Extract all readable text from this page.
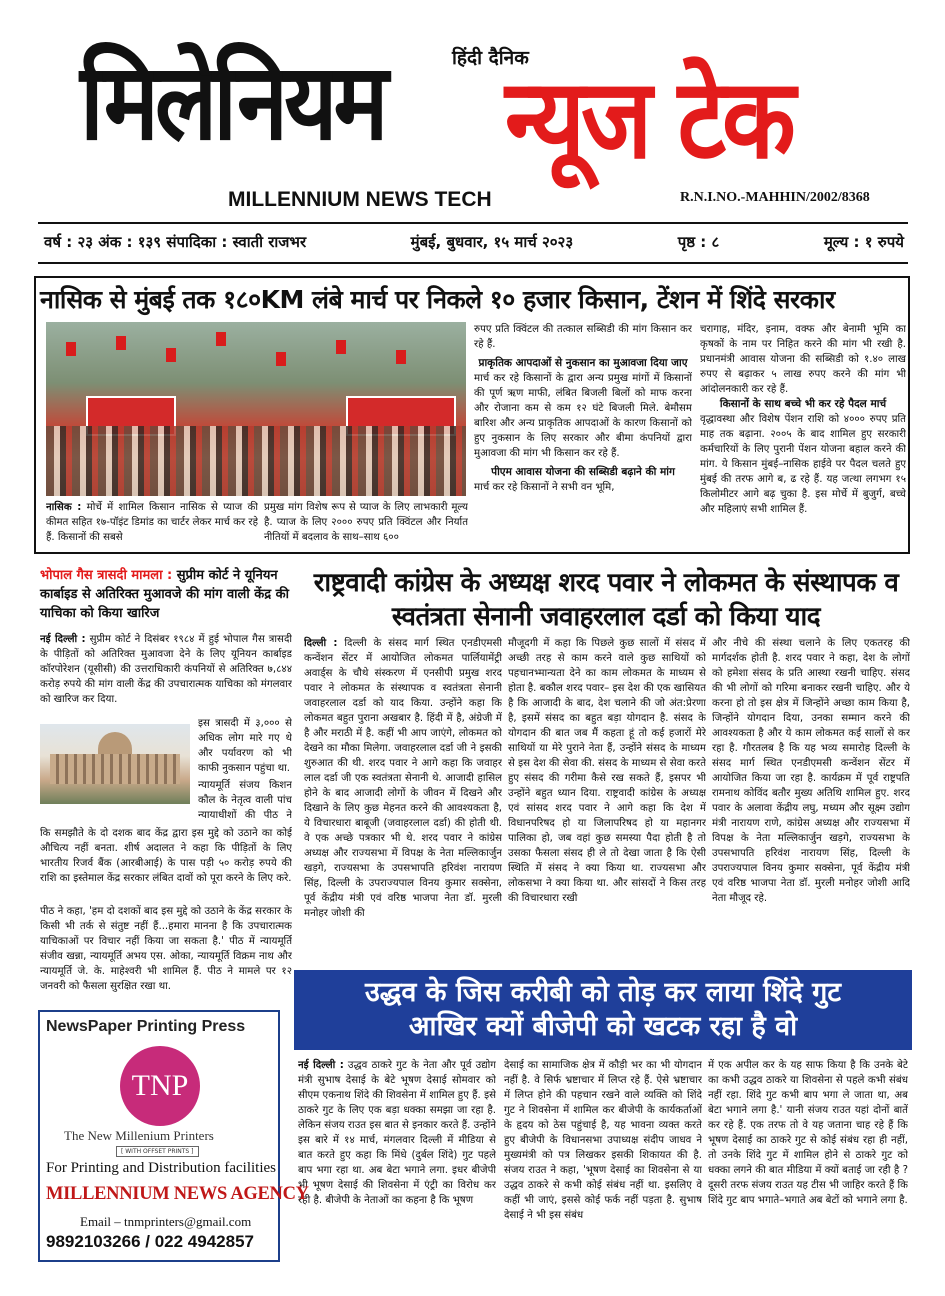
हिंदी दैनिक
मिलेनियम न्यूज टेक
MILLENNIUM NEWS TECH	R.N.I.NO.-MAHHIN/2002/8368
वर्ष : २३ अंक : १३९ संपादिका : स्वाती राजभर	मुंबई, बुधवार, १५ मार्च २०२३	पृष्ठ : ८	मूल्य : १ रुपये
नासिक से मुंबई तक १८०KM लंबे मार्च पर निकले १० हजार किसान, टेंशन में शिंदे सरकार
नासिक : मोर्चे में शामिल किसान नासिक से प्याज की कीमत सहित १७-पॉइंट डिमांड का चार्टर लेकर मार्च कर रहे हैं. किसानों की सबसे
प्रमुख मांग विशेष रूप से प्याज के लिए लाभकारी मूल्य है. प्याज के लिए २००० रुपए प्रति क्विंटल और निर्यात नीतियों में बदलाव के साथ–साथ ६००
रुपए प्रति क्विंटल की तत्काल सब्सिडी की मांग किसान कर रहे हैं.
प्राकृतिक आपदाओं से नुकसान का मुआवजा दिया जाए
मार्च कर रहे किसानों के द्वारा अन्य प्रमुख मांगों में किसानों की पूर्ण ऋण माफी, लंबित बिजली बिलों को माफ करना और रोजाना कम से कम १२ घंटे बिजली मिले. बेमौसम बारिश और अन्य प्राकृतिक आपदाओं के कारण किसानों को हुए नुकसान के लिए सरकार और बीमा कंपनियों द्वारा मुआवजा की मांग भी किसान कर रहे हैं.
पीएम आवास योजना की सब्सिडी बढ़ाने की मांग
मार्च कर रहे किसानों ने सभी वन भूमि,
चरागाह, मंदिर, इनाम, वक्फ और बेनामी भूमि का कृषकों के नाम पर निहित करने की मांग भी रखी है. प्रधानमंत्री आवास योजना की सब्सिडी को १.४० लाख रुपए से बढ़ाकर ५ लाख रुपए करने की मांग भी आंदोलनकारी कर रहे हैं.
किसानों के साथ बच्चे भी कर रहे पैदल मार्च
वृद्धावस्था और विशेष पेंशन राशि को ४००० रुपए प्रति माह तक बढ़ाना. २००५ के बाद शामिल हुए सरकारी कर्मचारियों के लिए पुरानी पेंशन योजना बहाल करने की मांग. ये किसान मुंबई–नासिक हाईवे पर पैदल चलते हुए मुंबई की तरफ आगे ब, ढ रहे हैं. यह जत्था लगभग १५ किलोमीटर आगे बढ़ चुका है. इस मोर्चे में बुजुर्ग, बच्चे और महिलाएं सभी शामिल हैं.
भोपाल गैस त्रासदी मामला : सुप्रीम कोर्ट ने यूनियन कार्बाइड से अतिरिक्त मुआवजे की मांग वाली केंद्र की याचिका को किया खारिज
नई दिल्ली : सुप्रीम कोर्ट ने दिसंबर १९८४ में हुई भोपाल गैस त्रासदी के पीड़ितों को अतिरिक्त मुआवजा देने के लिए यूनियन कार्बाइड कॉरपोरेशन (यूसीसी) की उत्तराधिकारी कंपनियों से अतिरिक्त ७,८४४ करोड़ रुपये की मांग वाली केंद्र की उपचारात्मक याचिका को मंगलवार को खारिज कर दिया.
इस त्रासदी में ३,००० से अधिक लोग मारे गए थे और पर्यावरण को भी काफी नुकसान पहुंचा था.
न्यायमूर्ति संजय किशन कौल के नेतृत्व वाली पांच न्यायाधीशों की पीठ ने
कि समझौते के दो दशक बाद केंद्र द्वारा इस मुद्दे को उठाने का कोई औचित्य नहीं बनता. शीर्ष अदालत ने कहा कि पीड़ितों के लिए भारतीय रिजर्व बैंक (आरबीआई) के पास पड़ी ५० करोड़ रुपये की राशि का इस्तेमाल केंद्र सरकार लंबित दावों को पूरा करने के लिए करे.
पीठ ने कहा, 'हम दो दशकों बाद इस मुद्दे को उठाने के केंद्र सरकार के किसी भी तर्क से संतुष्ट नहीं हैं...हमारा मानना है कि उपचारात्मक याचिकाओं पर विचार नहीं किया जा सकता है.' पीठ में न्यायमूर्ति संजीव खन्ना, न्यायमूर्ति अभय एस. ओका, न्यायमूर्ति विक्रम नाथ और न्यायमूर्ति जे. के. माहेश्वरी भी शामिल हैं. पीठ ने मामले पर १२ जनवरी को फैसला सुरक्षित रखा था.
राष्ट्रवादी कांग्रेस के अध्यक्ष शरद पवार ने लोकमत के संस्थापक व स्वतंत्रता सेनानी जवाहरलाल दर्डा को किया याद
दिल्ली : दिल्ली के संसद मार्ग स्थित एनडीएमसी कन्वेंशन सेंटर में आयोजित लोकमत पार्लियामेंट्री अवार्ड्स के चौथे संस्करण में एनसीपी प्रमुख शरद पवार ने लोकमत के संस्थापक व स्वतंत्रता सेनानी जवाहरलाल दर्डा को याद किया. उन्होंने कहा कि लोकमत बहुत पुराना अखबार है. हिंदी में है, अंग्रेजी में है और मराठी में है. कहीं भी आप जाएंगे, लोकमत को देखने का मौका मिलेगा. जवाहरलाल दर्डा जी ने इसकी शुरुआत की थी. शरद पवार ने आगे कहा कि जवाहर लाल दर्डा जी एक स्वतंत्रता सेनानी थे. आजादी हासिल होने के बाद आजादी लोगों के जीवन में दिखने और दिखाने के लिए कुछ मेहनत करने की आवश्यकता है, ये विचारधारा बाबूजी (जवाहरलाल दर्डा) की होती थी. वे एक अच्छे पत्रकार भी थे. शरद पवार ने कांग्रेस अध्यक्ष और राज्यसभा में विपक्ष के नेता मल्लिकार्जुन खड़गे, राज्यसभा के उपसभापति हरिवंश नारायण सिंह, दिल्ली के उपराज्यपाल विनय कुमार सक्सेना, पूर्व केंद्रीय मंत्री एवं वरिष्ठ भाजपा नेता डॉ. मुरली मनोहर जोशी की
मौजूदगी में कहा कि पिछले कुछ सालों में संसद में अच्छी तरह से काम करने वाले कुछ साथियों को पहचानभ्मान्यता देने का काम लोकमत के माध्यम से होता है. बकौल शरद पवार– इस देश की एक खासियत है कि आजादी के बाद, देश चलाने की जो अंत:प्रेरणा है, इसमें संसद का बहुत बड़ा योगदान है. संसद के योगदान की बात जब मैं कहता हूं तो कई हजारों मेरे साथियों या मेरे पुराने नेता हैं, उन्होंने संसद के माध्यम से इस देश की सेवा की. संसद के माध्यम से सेवा करते हुए संसद की गरीमा कैसे रख सकते हैं, इसपर भी उन्होंने बहुत ध्यान दिया. राष्ट्रवादी कांग्रेस के अध्यक्ष एवं सांसद शरद पवार ने आगे कहा कि देश में विधानपरिषद हो या जिलापरिषद हो या महानगर पालिका हो, जब वहां कुछ समस्या पैदा होती है तो उसका फैसला संसद ही ले तो देखा जाता है कि ऐसी स्थिति में संसद ने क्या किया था. राज्यसभा और लोकसभा ने क्या किया था. और सांसदों ने किस तरह की विचारधारा रखी
और नीचे की संस्था चलाने के लिए एकतरह की मार्गदर्शक होती है. शरद पवार ने कहा, देश के लोगों को हमेशा संसद के प्रति आस्था रखनी चाहिए. संसद की भी लोगों को गरिमा बनाकर रखनी चाहिए. और ये करना हो तो इस क्षेत्र में जिन्होंने अच्छा काम किया है, जिन्होंने योगदान दिया, उनका सम्मान करने की आवश्यकता है और ये काम लोकमत कई सालों से कर रहा है. गौरतलब है कि यह भव्य समारोह दिल्ली के संसद मार्ग स्थित एनडीएमसी कन्वेंशन सेंटर में आयोजित किया जा रहा है. कार्यक्रम में पूर्व राष्ट्रपति रामनाथ कोविंद बतौर मुख्य अतिथि शामिल हुए. शरद पवार के अलावा केंद्रीय लघु, मध्यम और सूक्ष्म उद्योग मंत्री नारायण राणे, कांग्रेस अध्यक्ष और राज्यसभा में विपक्ष के नेता मल्लिकार्जुन खड़गे, राज्यसभा के उपसभापति हरिवंश नारायण सिंह, दिल्ली के उपराज्यपाल विनय कुमार सक्सेना, पूर्व केंद्रीय मंत्री एवं वरिष्ठ भाजपा नेता डॉ. मुरली मनोहर जोशी आदि नेता मौजूद रहे.
उद्धव के जिस करीबी को तोड़ कर लाया शिंदे गुट
आखिर क्यों बीजेपी को खटक रहा है वो
नई दिल्ली : उद्धव ठाकरे गुट के नेता और पूर्व उद्योग मंत्री सुभाष देसाई के बेटे भूषण देसाई सोमवार को सीएम एकनाथ शिंदे की शिवसेना में शामिल हुए हैं. इसे ठाकरे गुट के लिए एक बड़ा धक्का समझा जा रहा है. लेकिन संजय राउत इस बात से इनकार करते हैं. उन्होंने इस बारे में १४ मार्च, मंगलवार दिल्ली में मीडिया से बात करते हुए कहा कि मिंधे (दुर्बल शिंदे) गुट पहले बाप भगा रहा था. अब बेटा भगाने लगा. इधर बीजेपी भी भूषण देसाई की शिवसेना में एंट्री का विरोध कर रही है. बीजेपी के नेताओं का कहना है कि भूषण
देसाई का सामाजिक क्षेत्र में कौड़ी भर का भी योगदान नहीं है. वे सिर्फ भ्रष्टाचार में लिप्त रहे हैं. ऐसे भ्रष्टाचार में लिप्त होने की पहचान रखने वाले व्यक्ति को शिंदे गुट ने शिवसेना में शामिल कर बीजेपी के कार्यकर्ताओं के हृदय को ठेस पहुंचाई है, यह भावना व्यक्त करते हुए बीजेपी के विधानसभा उपाध्यक्ष संदीप जाधव ने मुख्यमंत्री को पत्र लिखकर इसकी शिकायत की है. संजय राउत ने कहा, 'भूषण देसाई का शिवसेना से या उद्धव ठाकरे से कभी कोई संबंध नहीं था. इसलिए वे कहीं भी जाएं, इससे कोई फर्क नहीं पड़ता है. सुभाष देसाई ने भी इस संबंध
में एक अपील कर के यह साफ किया है कि उनके बेटे का कभी उद्धव ठाकरे या शिवसेना से पहले कभी संबंध नहीं रहा. शिंदे गुट कभी बाप भगा ले जाता था, अब बेटा भगाने लगा है.' यानी संजय राउत यहां दोनों बातें कर रहे हैं. एक तरफ तो वे यह जताना चाह रहे हैं कि भूषण देसाई का ठाकरे गुट से कोई संबंध रहा ही नहीं, तो उनके शिंदे गुट में शामिल होने से ठाकरे गुट को धक्का लगने की बात मीडिया में क्यों बताई जा रही है ? दूसरी तरफ संजय राउत यह टीस भी जाहिर करते हैं कि शिंदे गुट बाप भगाते–भगाते अब बेटों को भगाने लगा है.
NewsPaper Printing Press
TNP
The New Millenium Printers
[ WITH OFFSET PRINTS ]
For Printing and Distribution facilities
MILLENNIUM NEWS AGENCY
Email – tnmprinters@gmail.com
9892103266 / 022 4942857
